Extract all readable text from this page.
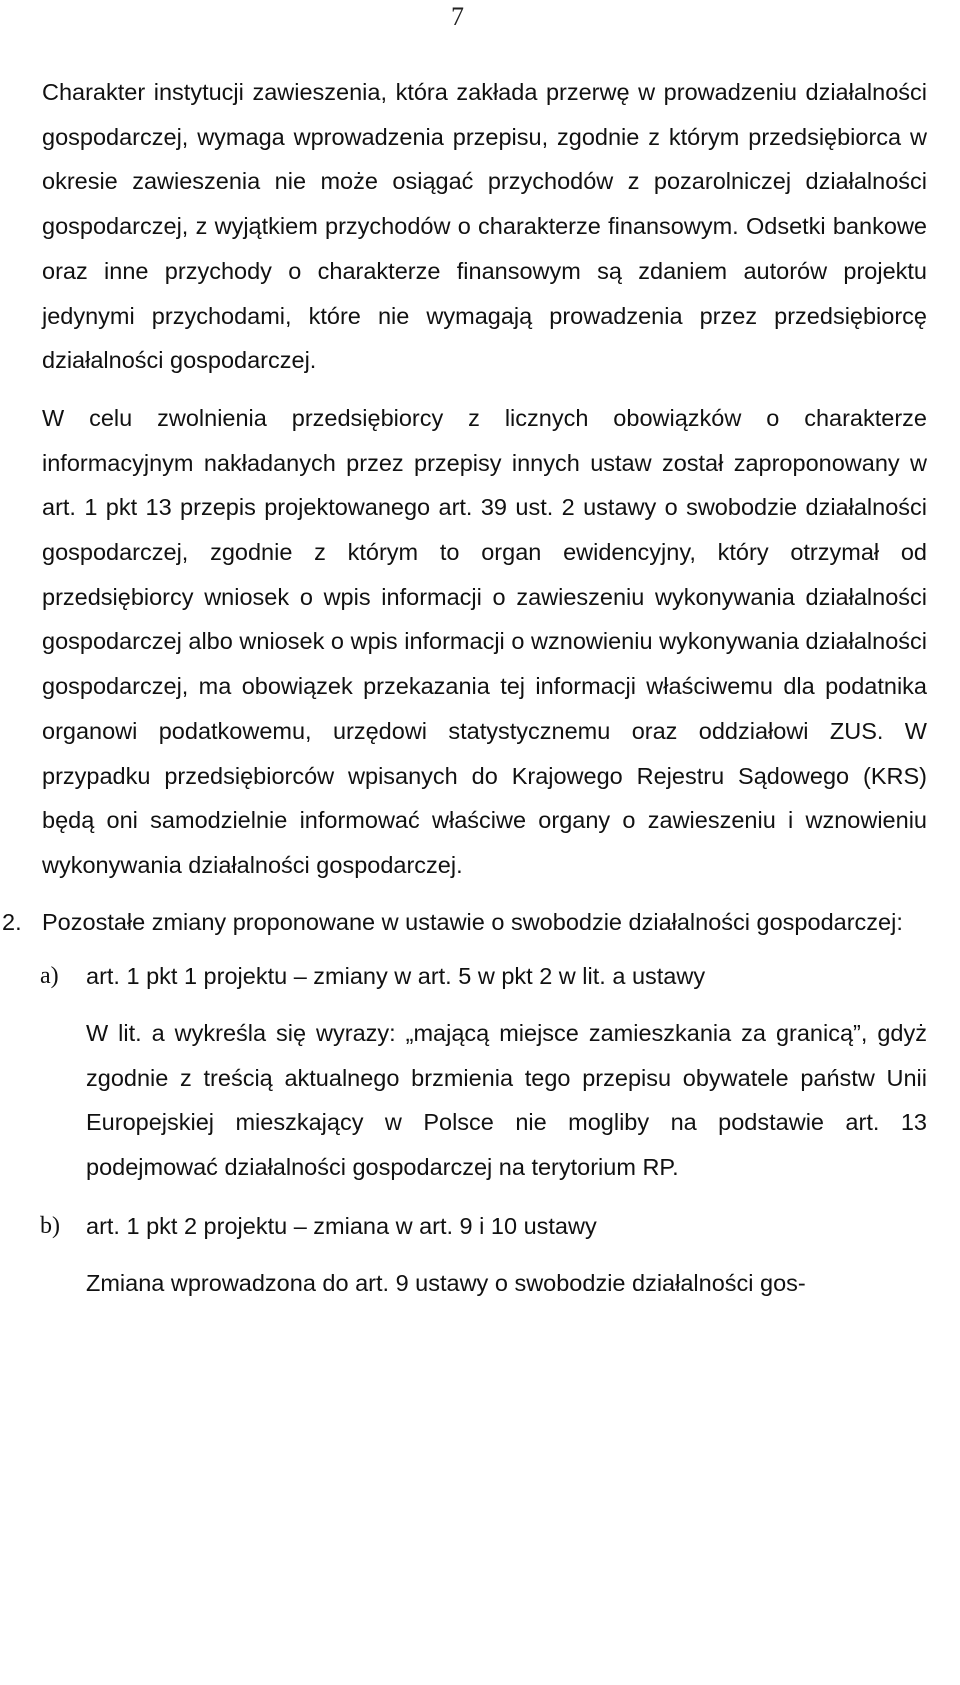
7

Charakter instytucji zawieszenia, która zakłada przerwę w prowadzeniu działalności gospodarczej, wymaga wprowadzenia przepisu, zgodnie z którym przedsiębiorca w okresie zawieszenia nie może osiągać przychodów z pozarolniczej działalności gospodarczej, z wyjątkiem przychodów o charakterze finansowym. Odsetki bankowe oraz inne przychody o charakterze finansowym są zdaniem autorów projektu jedynymi przychodami, które nie wymagają prowadzenia przez przedsiębiorcę działalności gospodarczej.

W celu zwolnienia przedsiębiorcy z licznych obowiązków o charakterze informacyjnym nakładanych przez przepisy innych ustaw został zaproponowany w art. 1 pkt 13 przepis projektowanego art. 39 ust. 2 ustawy o swobodzie działalności gospodarczej, zgodnie z którym to organ ewidencyjny, który otrzymał od przedsiębiorcy wniosek o wpis informacji o zawieszeniu wykonywania działalności gospodarczej albo wniosek o wpis informacji o wznowieniu wykonywania działalności gospodarczej, ma obowiązek przekazania tej informacji właściwemu dla podatnika organowi podatkowemu, urzędowi statystycznemu oraz oddziałowi ZUS. W przypadku przedsiębiorców wpisanych do Krajowego Rejestru Sądowego (KRS) będą oni samodzielnie informować właściwe organy o zawieszeniu i wznowieniu wykonywania działalności gospodarczej.

2. Pozostałe zmiany proponowane w ustawie o swobodzie działalności gospodarczej:
a) art. 1 pkt 1 projektu – zmiany w art. 5 w pkt 2 w lit. a ustawy

W lit. a wykreśla się wyrazy: „mającą miejsce zamieszkania za granicą”, gdyż zgodnie z treścią aktualnego brzmienia tego przepisu obywatele państw Unii Europejskiej mieszkający w Polsce nie mogliby na podstawie art. 13 podejmować działalności gospodarczej na terytorium RP.

b) art. 1 pkt 2 projektu – zmiana w art. 9 i 10 ustawy

Zmiana wprowadzona do art. 9 ustawy o swobodzie działalności gos-
